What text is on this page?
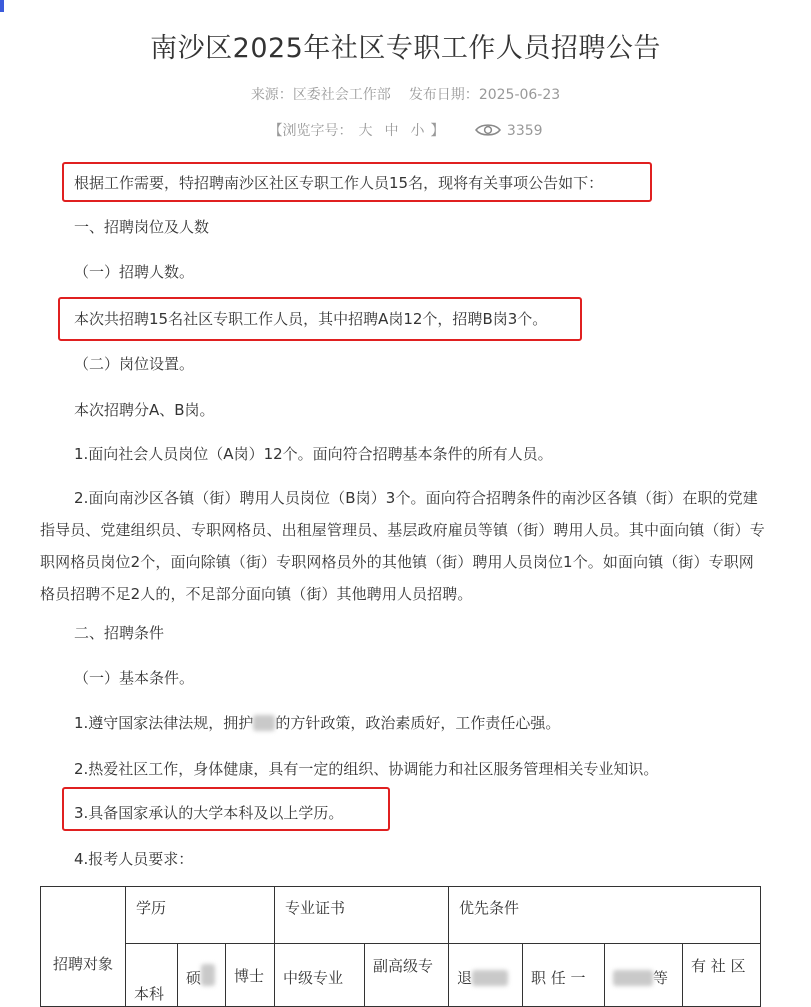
南沙区2025年社区专职工作人员招聘公告
来源：区委社会工作部 发布日期：2025-06-23
【浏览字号： 大 中 小 】	3359
根据工作需要，特招聘南沙区社区专职工作人员15名，现将有关事项公告如下：
一、招聘岗位及人数
（一）招聘人数。
本次共招聘15名社区专职工作人员，其中招聘A岗12个，招聘B岗3个。
（二）岗位设置。
本次招聘分A、B岗。
1.面向社会人员岗位（A岗）12个。面向符合招聘基本条件的所有人员。
2.面向南沙区各镇（街）聘用人员岗位（B岗）3个。面向符合招聘条件的南沙区各镇（街）在职的党建指导员、党建组织员、专职网格员、出租屋管理员、基层政府雇员等镇（街）聘用人员。其中面向镇（街）专职网格员岗位2个，面向除镇（街）专职网格员外的其他镇（街）聘用人员岗位1个。如面向镇（街）专职网格员招聘不足2人的，不足部分面向镇（街）其他聘用人员招聘。
二、招聘条件
（一）基本条件。
1.遵守国家法律法规，拥护 的方针政策，政治素质好，工作责任心强。
2.热爱社区工作，身体健康，具有一定的组织、协调能力和社区服务管理相关专业知识。
3.具备国家承认的大学本科及以上学历。
4.报考人员要求：
招聘对象	学历			专业证书		优先条件			

	本科	硕	博士	中级专业	副高级专	退	职 任 一	等	有 社 区
